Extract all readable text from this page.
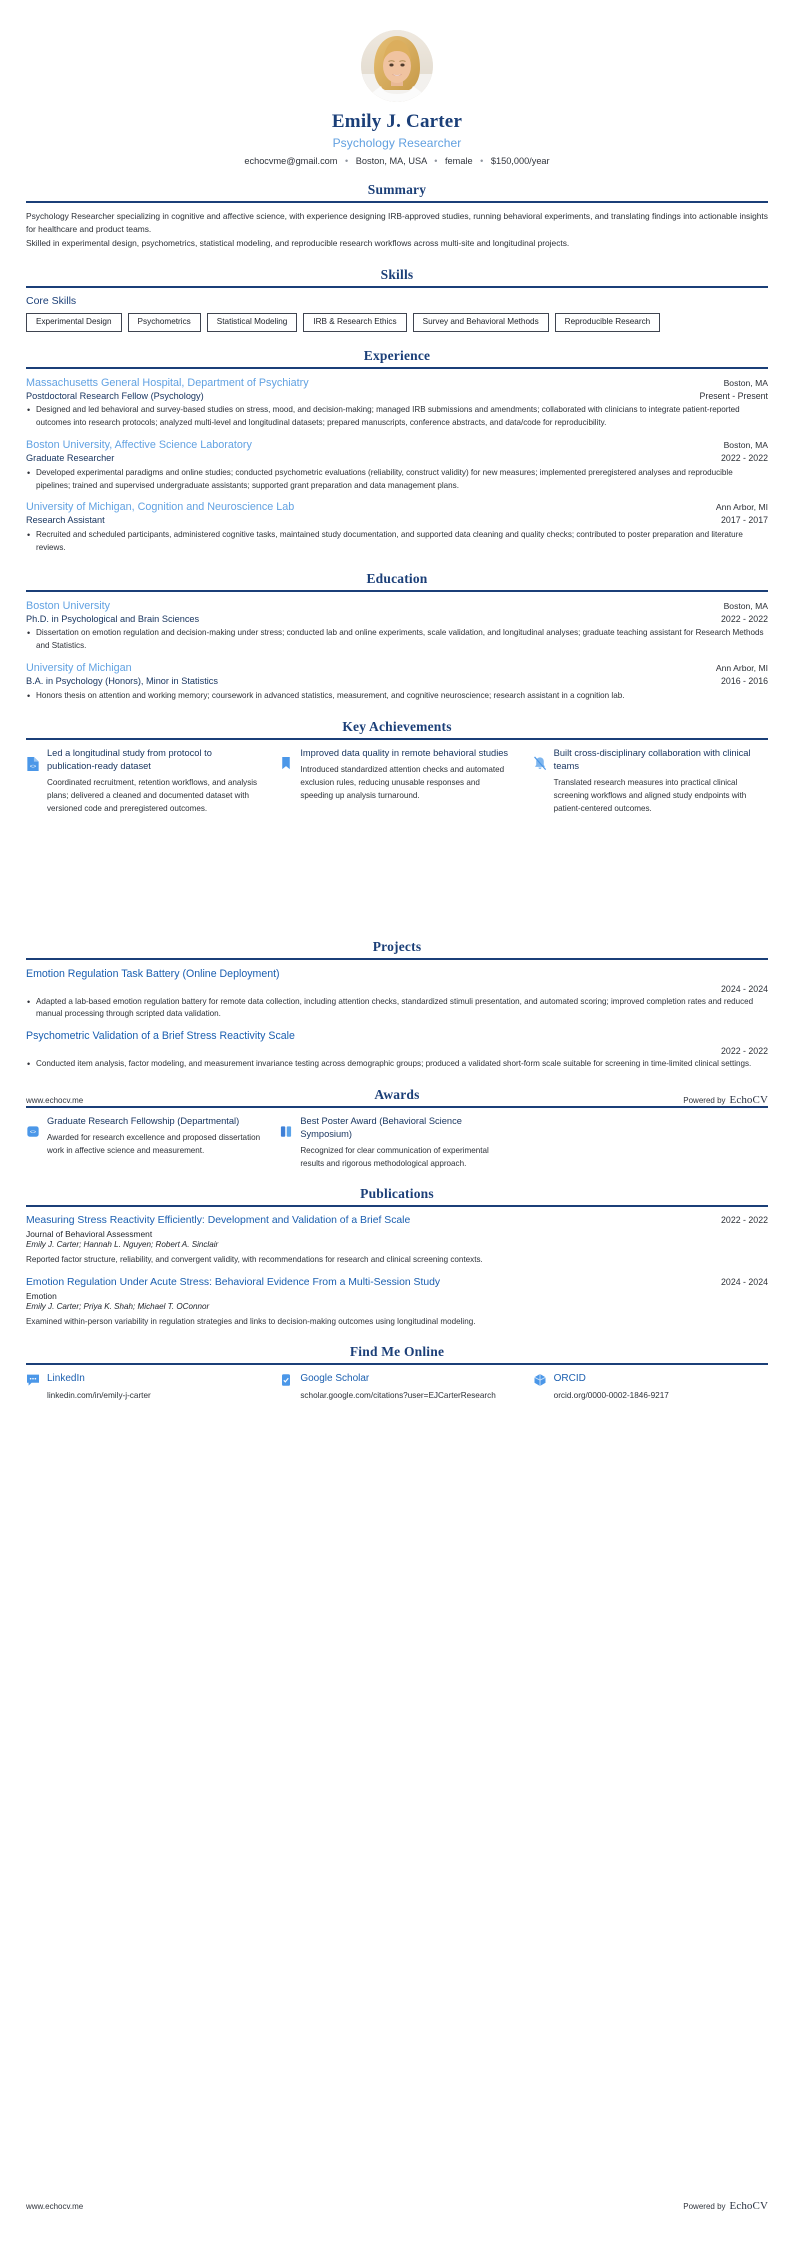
Emily J. Carter
Psychology Researcher
echocvme@gmail.com • Boston, MA, USA • female • $150,000/year
Summary

Psychology Researcher specializing in cognitive and affective science, with experience designing IRB-approved studies, running behavioral experiments, and translating findings into actionable insights for healthcare and product teams.

Skilled in experimental design, psychometrics, statistical modeling, and reproducible research workflows across multi-site and longitudinal projects.

Skills
Core Skills
Experimental Design	Psychometrics	Statistical Modeling	IRB & Research Ethics	Survey and Behavioral Methods	Reproducible Research
Experience
Massachusetts General Hospital, Department of Psychiatry	Boston, MA
Postdoctoral Research Fellow (Psychology)	Present - Present
• Designed and led behavioral and survey-based studies on stress, mood, and decision-making; managed IRB submissions and amendments; collaborated with clinicians to integrate patient-reported outcomes into research protocols; analyzed multi-level and longitudinal datasets; prepared manuscripts, conference abstracts, and data/code for reproducibility.
Boston University, Affective Science Laboratory	Boston, MA
Graduate Researcher	2022 - 2022
• Developed experimental paradigms and online studies; conducted psychometric evaluations (reliability, construct validity) for new measures; implemented preregistered analyses and reproducible pipelines; trained and supervised undergraduate assistants; supported grant preparation and data management plans.
University of Michigan, Cognition and Neuroscience Lab	Ann Arbor, MI
Research Assistant	2017 - 2017
• Recruited and scheduled participants, administered cognitive tasks, maintained study documentation, and supported data cleaning and quality checks; contributed to poster preparation and literature reviews.
Education
Boston University	Boston, MA
Ph.D. in Psychological and Brain Sciences	2022 - 2022
• Dissertation on emotion regulation and decision-making under stress; conducted lab and online experiments, scale validation, and longitudinal analyses; graduate teaching assistant for Research Methods and Statistics.
University of Michigan	Ann Arbor, MI
B.A. in Psychology (Honors), Minor in Statistics	2016 - 2016
• Honors thesis on attention and working memory; coursework in advanced statistics, measurement, and cognitive neuroscience; research assistant in a cognition lab.
Key Achievements
<>
Led a longitudinal study from protocol to publication-ready dataset
Coordinated recruitment, retention workflows, and analysis plans; delivered a cleaned and documented dataset with versioned code and preregistered outcomes.
Improved data quality in remote behavioral studies
Introduced standardized attention checks and automated exclusion rules, reducing unusable responses and speeding up analysis turnaround.
Built cross-disciplinary collaboration with clinical teams
Translated research measures into practical clinical screening workflows and aligned study endpoints with patient-centered outcomes.
www.echocv.me	Powered by EchoCV
Projects
Emotion Regulation Task Battery (Online Deployment)
2024 - 2024
• Adapted a lab-based emotion regulation battery for remote data collection, including attention checks, standardized stimuli presentation, and automated scoring; improved completion rates and reduced manual processing through scripted data validation.
Psychometric Validation of a Brief Stress Reactivity Scale
2022 - 2022
• Conducted item analysis, factor modeling, and measurement invariance testing across demographic groups; produced a validated short-form scale suitable for screening in time-limited clinical settings.
Awards
<>
Graduate Research Fellowship (Departmental)
Awarded for research excellence and proposed dissertation work in affective science and measurement.
Best Poster Award (Behavioral Science Symposium)
Recognized for clear communication of experimental results and rigorous methodological approach.
Publications
Measuring Stress Reactivity Efficiently: Development and Validation of a Brief Scale	2022 - 2022
Journal of Behavioral Assessment
Emily J. Carter; Hannah L. Nguyen; Robert A. Sinclair
Reported factor structure, reliability, and convergent validity, with recommendations for research and clinical screening contexts.
Emotion Regulation Under Acute Stress: Behavioral Evidence From a Multi-Session Study	2024 - 2024
Emotion
Emily J. Carter; Priya K. Shah; Michael T. OConnor
Examined within-person variability in regulation strategies and links to decision-making outcomes using longitudinal modeling.
Find Me Online
LinkedIn
linkedin.com/in/emily-j-carter
Google Scholar
scholar.google.com/citations?user=EJCarterResearch
ORCID
orcid.org/0000-0002-1846-9217
www.echocv.me	Powered by EchoCV
